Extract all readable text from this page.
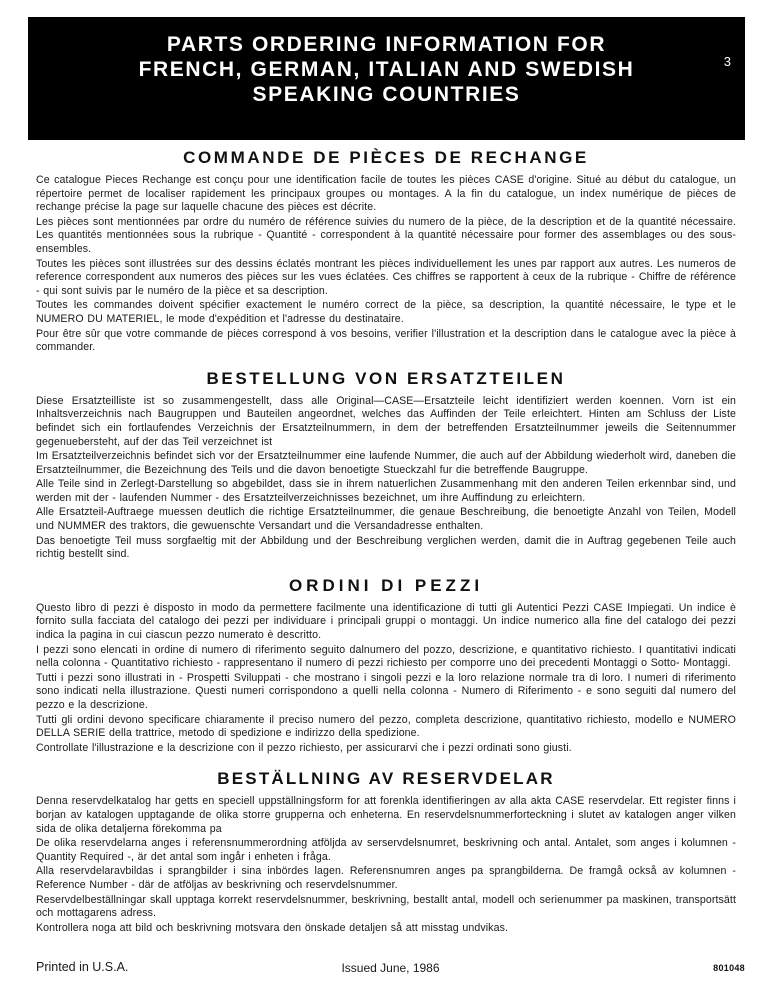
PARTS ORDERING INFORMATION FOR
FRENCH, GERMAN, ITALIAN AND SWEDISH
SPEAKING COUNTRIES
3
COMMANDE DE PIÈCES DE RECHANGE

Ce catalogue Pieces Rechange est conçu pour une identification facile de toutes les pièces CASE d'origine. Situé au début du catalogue, un répertoire permet de localiser rapidement les principaux groupes ou montages. A la fin du catalogue, un index numérique de pièces de rechange précise la page sur laquelle chacune des pièces est décrite.

Les pièces sont mentionnées par ordre du numéro de référence suivies du numero de la pièce, de la description et de la quantité nécessaire. Les quantités mentionnées sous la rubrique - Quantité - correspondent à la quantité nécessaire pour former des assemblages ou des sous-ensembles.

Toutes les pièces sont illustrées sur des dessins éclatés montrant les pièces individuellement les unes par rapport aux autres. Les numeros de reference correspondent aux numeros des pièces sur les vues éclatées. Ces chiffres se rapportent à ceux de la rubrique - Chiffre de référence - qui sont suivis par le numéro de la pièce et sa description.

Toutes les commandes doivent spécifier exactement le numéro correct de la pièce, sa description, la quantité nécessaire, le type et le NUMERO DU MATERIEL, le mode d'expédition et l'adresse du destinataire.

Pour être sûr que votre commande de pièces correspond à vos besoins, verifier l'illustration et la description dans le catalogue avec la pièce à commander.

BESTELLUNG VON ERSATZTEILEN

Diese Ersatzteilliste ist so zusammengestellt, dass alle Original—CASE—Ersatzteile leicht identifiziert werden koennen. Vorn ist ein Inhaltsverzeichnis nach Baugruppen und Bauteilen angeordnet, welches das Auffinden der Teile erleichtert. Hinten am Schluss der Liste befindet sich ein fortlaufendes Verzeichnis der Ersatzteilnummern, in dem der betreffenden Ersatzteilnummer jeweils die Seitennummer gegenuebersteht, auf der das Teil verzeichnet ist

Im Ersatzteilverzeichnis befindet sich vor der Ersatzteilnummer eine laufende Nummer, die auch auf der Abbildung wiederholt wird, daneben die Ersatzteilnummer, die Bezeichnung des Teils und die davon benoetigte Stueckzahl fur die betreffende Baugruppe.

Alle Teile sind in Zerlegt-Darstellung so abgebildet, dass sie in ihrem natuerlichen Zusammenhang mit den anderen Teilen erkennbar sind, und werden mit der - laufenden Nummer - des Ersatzteilverzeichnisses bezeichnet, um ihre Auffindung zu erleichtern.

Alle Ersatzteil-Auftraege muessen deutlich die richtige Ersatzteilnummer, die genaue Beschreibung, die benoetigte Anzahl von Teilen, Modell und NUMMER des traktors, die gewuenschte Versandart und die Versandadresse enthalten.

Das benoetigte Teil muss sorgfaeltig mit der Abbildung und der Beschreibung verglichen werden, damit die in Auftrag gegebenen Teile auch richtig bestellt sind.

ORDINI DI PEZZI

Questo libro di pezzi è disposto in modo da permettere facilmente una identificazione di tutti gli Autentici Pezzi CASE Impiegati. Un indice è fornito sulla facciata del catalogo dei pezzi per individuare i principali gruppi o montaggi. Un indice numerico alla fine del catalogo dei pezzi indica la pagina in cui ciascun pezzo numerato è descritto.

I pezzi sono elencati in ordine di numero di riferimento seguito dalnumero del pozzo, descrizione, e quantitativo richiesto. I quantitativi indicati nella colonna - Quantitativo richiesto - rappresentano il numero di pezzi richiesto per comporre uno dei precedenti Montaggi o Sotto- Montaggi.

Tutti i pezzi sono illustrati in - Prospetti Sviluppati - che mostrano i singoli pezzi e la loro relazione normale tra di loro. I numeri di riferimento sono indicati nella illustrazione. Questi numeri corrispondono a quelli nella colonna - Numero di Riferimento - e sono seguiti dal numero del pezzo e la descrizione.

Tutti gli ordini devono specificare chiaramente il preciso numero del pezzo, completa descrizione, quantitativo richiesto, modello e NUMERO DELLA SERIE della trattrice, metodo di spedizione e indirizzo della spedizione.

Controllate l'illustrazione e la descrizione con il pezzo richiesto, per assicurarvi che i pezzi ordinati sono giusti.

BESTÄLLNING AV RESERVDELAR

Denna reservdelkatalog har getts en speciell uppställningsform for att forenkla identifieringen av alla akta CASE reservdelar. Ett register finns i borjan av katalogen upptagande de olika storre grupperna och enheterna. En reservdelsnummerforteckning i slutet av katalogen anger vilken sida de olika detaljerna förekomma pa

De olika reservdelarna anges i referensnummerordning atföljda av serservdelsnumret, beskrivning och antal. Antalet, som anges i kolumnen - Quantity Required -, är det antal som ingår i enheten i fråga.

Alla reservdelaravbildas i sprangbilder i sina inbördes lagen. Referensnumren anges pa sprangbilderna. De framgå också av kolumnen - Reference Number - där de atföljas av beskrivning och reservdelsnummer.

Reservdelbeställningar skall upptaga korrekt reservdelsnummer, beskrivning, bestallt antal, modell och serienummer pa maskinen, transportsätt och mottagarens adress.

Kontrollera noga att bild och beskrivning motsvara den önskade detaljen så att misstag undvikas.

Printed in U.S.A.	Issued June, 1986	801048
